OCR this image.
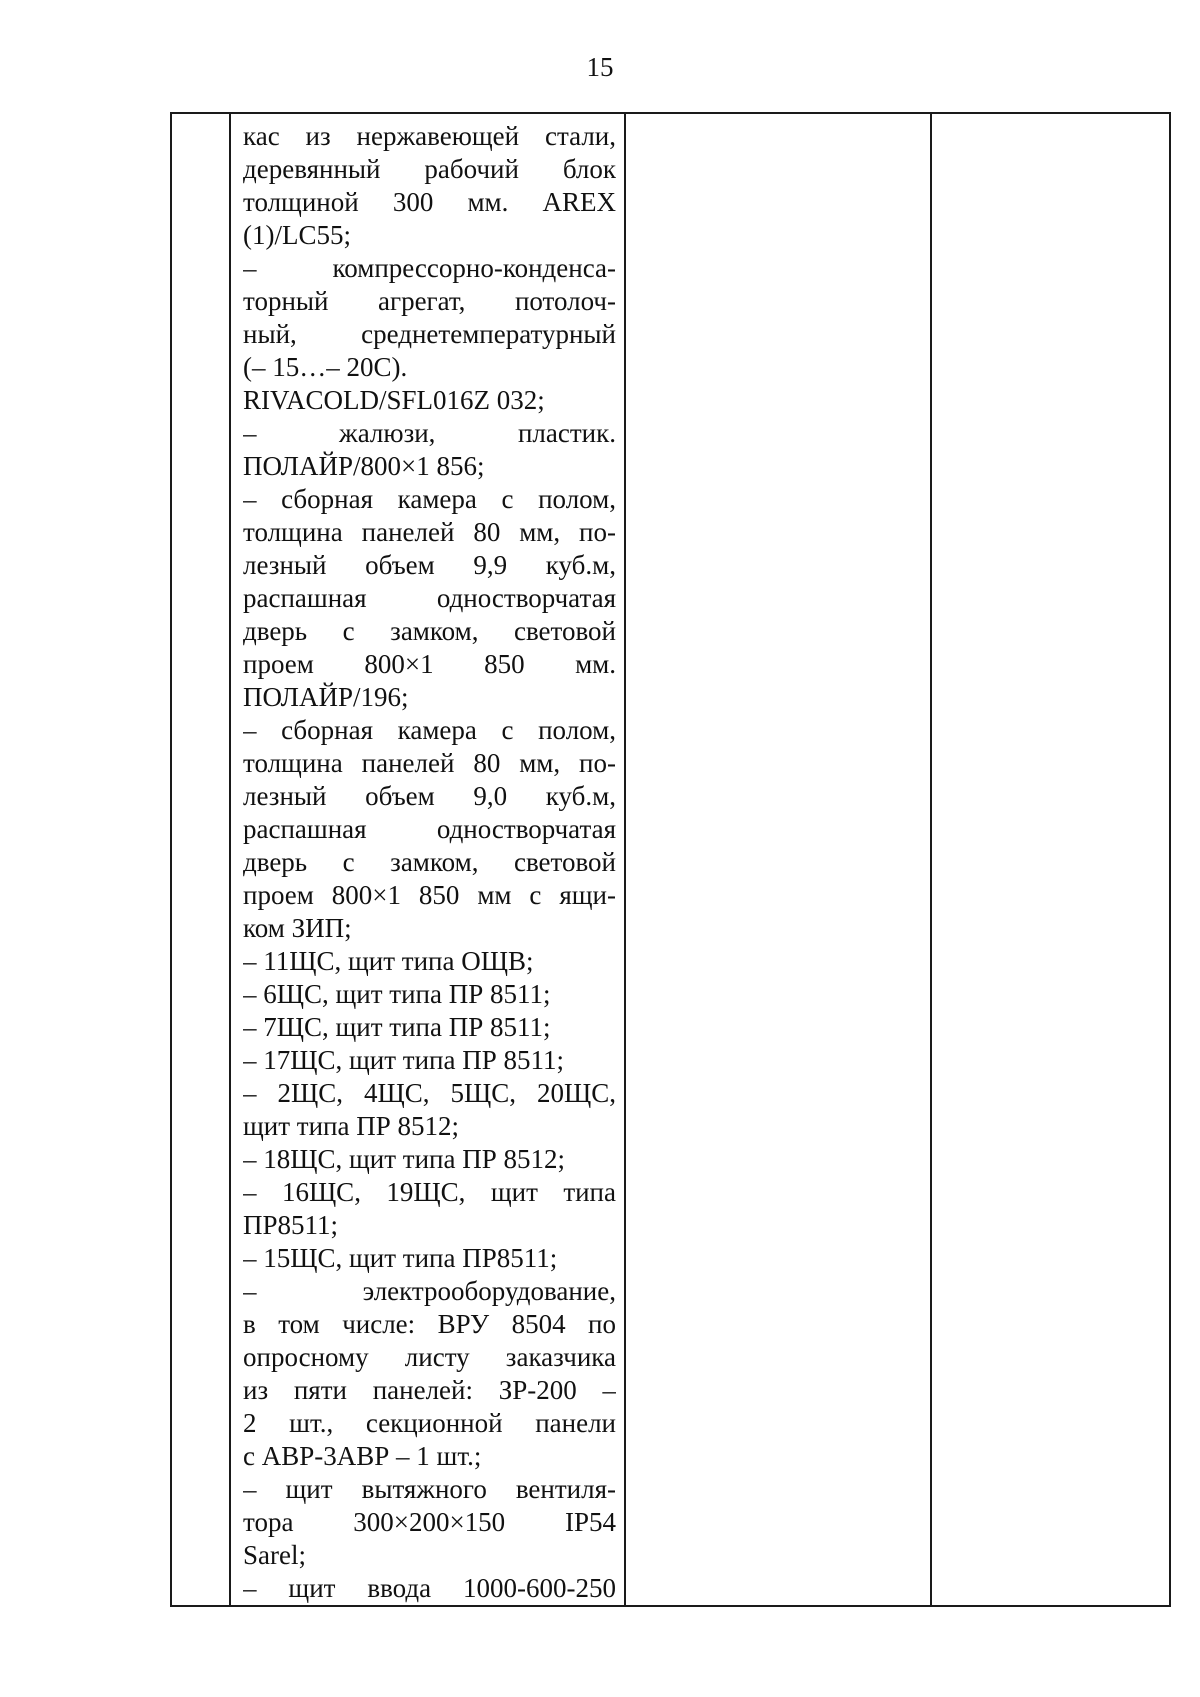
15

кас из нержавеющей стали,
деревянный рабочий блок
толщиной 300 мм. AREX
(1)/LC55;
– компрессорно-конденса-
торный агрегат, потолоч-
ный, среднетемпературный
(– 15…– 20С).
RIVACOLD/SFL016Z 032;
– жалюзи, пластик.
ПОЛАЙР/800×1 856;
– сборная камера с полом,
толщина панелей 80 мм, по-
лезный объем 9,9 куб.м,
распашная одностворчатая
дверь с замком, световой
проем 800×1 850 мм.
ПОЛАЙР/196;
– сборная камера с полом,
толщина панелей 80 мм, по-
лезный объем 9,0 куб.м,
распашная одностворчатая
дверь с замком, световой
проем 800×1 850 мм с ящи-
ком ЗИП;
– 11ЩС, щит типа ОЩВ;
– 6ЩС, щит типа ПР 8511;
– 7ЩС, щит типа ПР 8511;
– 17ЩС, щит типа ПР 8511;
– 2ЩС, 4ЩС, 5ЩС, 20ЩС,
щит типа ПР 8512;
– 18ЩС, щит типа ПР 8512;
– 16ЩС, 19ЩС, щит типа
ПР8511;
– 15ЩС, щит типа ПР8511;
– электрооборудование,
в том числе: ВРУ 8504 по
опросному листу заказчика
из пяти панелей: ЗР-200 –
2 шт., секционной панели
с АВР-3АВР – 1 шт.;
– щит вытяжного вентиля-
тора 300×200×150 IP54
Sarel;
– щит ввода 1000-600-250
